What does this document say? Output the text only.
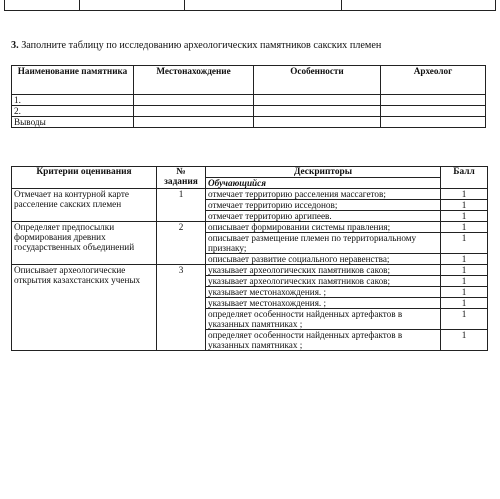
3. Заполните таблицу по исследованию археологических памятников сакских племен
Наименование памятника	Местонахождение	Особенности	Археолог
1.			
2.			
Выводы			
Критерии оценивания	№ задания	Дескрипторы	Балл
		Обучающийся	
Отмечает на контурной карте расселение сакских племен	1	отмечает территорию расселения массагетов;	1
		отмечает территорию исседонов;	1
		отмечает территорию аргипеев.	1
Определяет предпосылки формирования древних государственных объединений	2	описывает формировании системы правления;	1
		описывает размещение племен по территориальному признаку;	1
		описывает развитие социального неравенства;	1
Описывает археологические открытия казахстанских ученых	3	указывает археологических памятников саков;	1
		указывает археологических памятников саков;	1
		указывает местонахождения. ;	1
		указывает местонахождения. ;	1
		определяет особенности найденных артефактов в указанных памятниках ;	1
		определяет особенности найденных артефактов в указанных памятниках ;	1
